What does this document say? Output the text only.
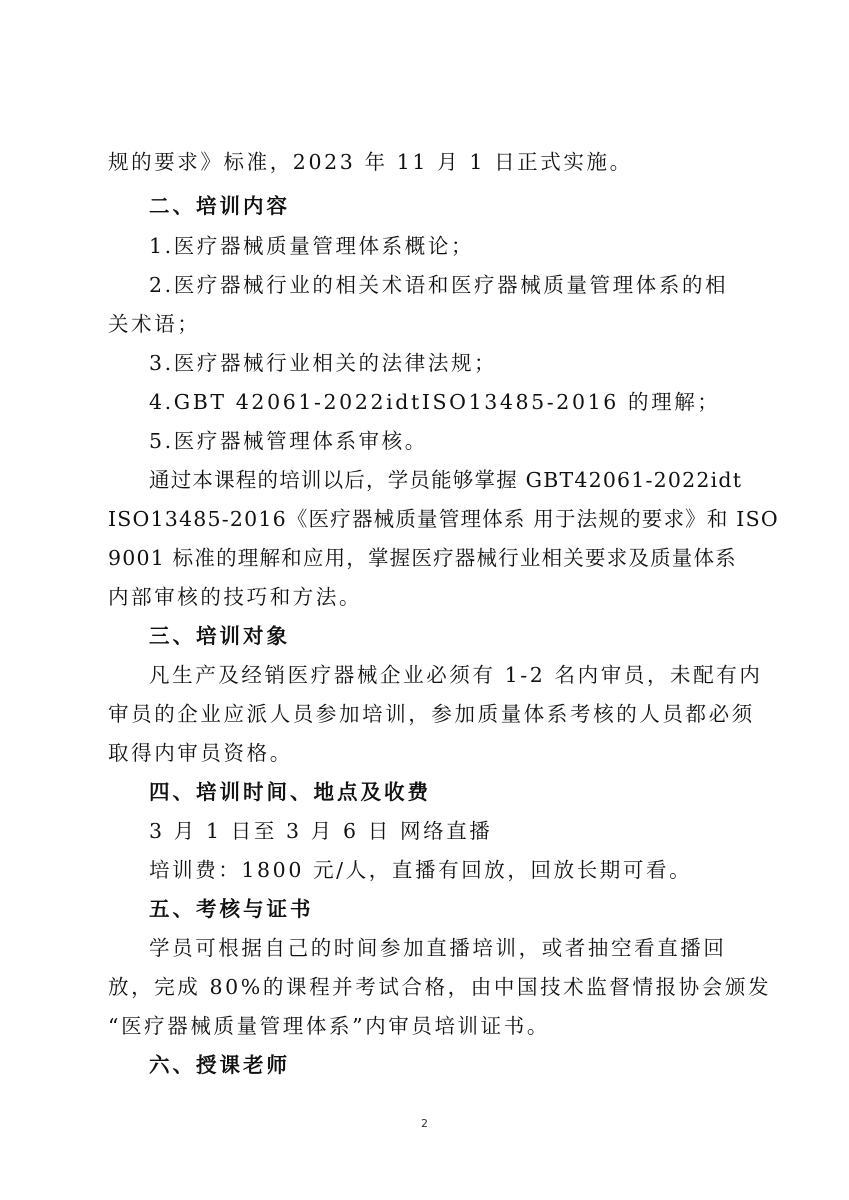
规的要求》标准，2023 年 11 月 1 日正式实施。
二、培训内容
1.医疗器械质量管理体系概论；
2.医疗器械行业的相关术语和医疗器械质量管理体系的相
关术语；
3.医疗器械行业相关的法律法规；
4.GBT 42061-2022idtISO13485-2016 的理解；
5.医疗器械管理体系审核。
通过本课程的培训以后，学员能够掌握 GBT42061-2022idt
ISO13485-2016《医疗器械质量管理体系 用于法规的要求》和 ISO
9001 标准的理解和应用，掌握医疗器械行业相关要求及质量体系
内部审核的技巧和方法。
三、培训对象
凡生产及经销医疗器械企业必须有 1-2 名内审员，未配有内
审员的企业应派人员参加培训，参加质量体系考核的人员都必须
取得内审员资格。
四、培训时间、地点及收费
3 月 1 日至 3 月 6 日 网络直播
培训费：1800 元/人，直播有回放，回放长期可看。
五、考核与证书
学员可根据自己的时间参加直播培训，或者抽空看直播回
放，完成 80%的课程并考试合格，由中国技术监督情报协会颁发
“医疗器械质量管理体系”内审员培训证书。
六、授课老师
2
